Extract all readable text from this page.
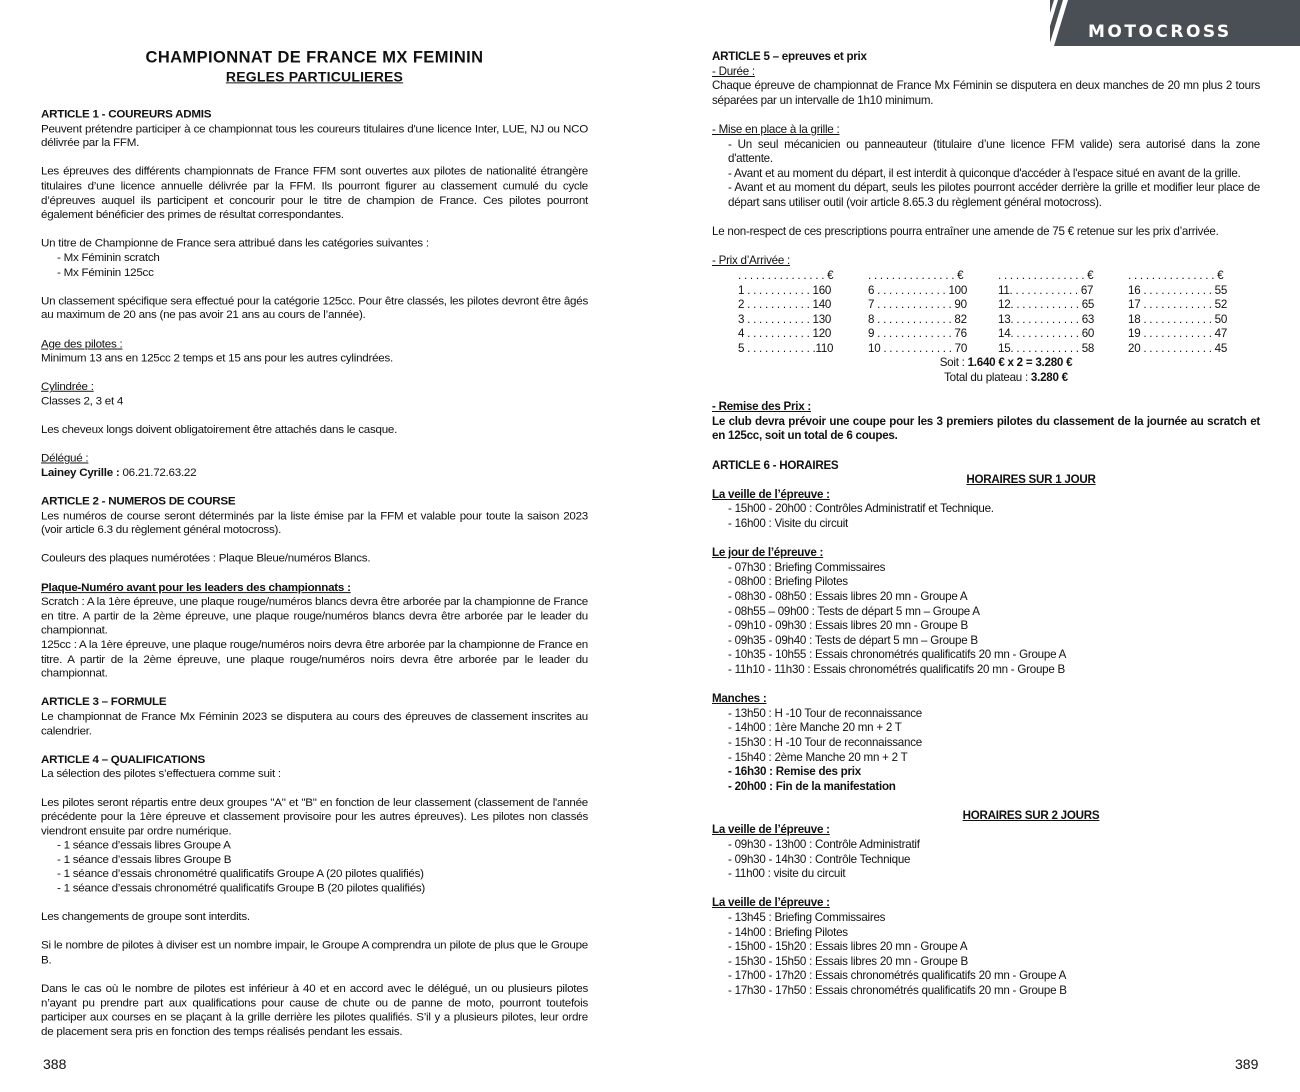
MOTOCROSS
CHAMPIONNAT DE FRANCE MX FEMININ
REGLES PARTICULIERES

ARTICLE 1 - COUREURS ADMIS

Peuvent prétendre participer à ce championnat tous les coureurs titulaires d'une licence Inter, LUE, NJ ou NCO délivrée par la FFM.

Les épreuves des différents championnats de France FFM sont ouvertes aux pilotes de nationalité étrangère titulaires d’une licence annuelle délivrée par la FFM. Ils pourront figurer au classement cumulé du cycle d’épreuves auquel ils participent et concourir pour le titre de champion de France. Ces pilotes pourront également bénéficier des primes de résultat correspondantes.

Un titre de Championne de France sera attribué dans les catégories suivantes :

- Mx Féminin scratch
- Mx Féminin 125cc

Un classement spécifique sera effectué pour la catégorie 125cc. Pour être classés, les pilotes devront être âgés au maximum de 20 ans (ne pas avoir 21 ans au cours de l’année).

Age des pilotes :

Minimum 13 ans en 125cc 2 temps et 15 ans pour les autres cylindrées.

Cylindrée :

Classes 2, 3 et 4

Les cheveux longs doivent obligatoirement être attachés dans le casque.

Délégué :

Lainey Cyrille : 06.21.72.63.22

ARTICLE 2 - NUMEROS DE COURSE

Les numéros de course seront déterminés par la liste émise par la FFM et valable pour toute la saison 2023 (voir article 6.3 du règlement général motocross).

Couleurs des plaques numérotées : Plaque Bleue/numéros Blancs.

Plaque-Numéro avant pour les leaders des championnats :

Scratch : A la 1ère épreuve, une plaque rouge/numéros blancs devra être arborée par la championne de France en titre. A partir de la 2ème épreuve, une plaque rouge/numéros blancs devra être arborée par le leader du championnat.

125cc : A la 1ère épreuve, une plaque rouge/numéros noirs devra être arborée par la championne de France en titre. A partir de la 2ème épreuve, une plaque rouge/numéros noirs devra être arborée par le leader du championnat.

ARTICLE 3 – FORMULE

Le championnat de France Mx Féminin 2023 se disputera au cours des épreuves de classement inscrites au calendrier.

ARTICLE 4 – QUALIFICATIONS

La sélection des pilotes s’effectuera comme suit :

Les pilotes seront répartis entre deux groupes "A" et "B" en fonction de leur classement (classement de l'année précédente pour la 1ère épreuve et classement provisoire pour les autres épreuves). Les pilotes non classés viendront ensuite par ordre numérique.

- 1 séance d’essais libres Groupe A
- 1 séance d’essais libres Groupe B
- 1 séance d’essais chronométré qualificatifs Groupe A (20 pilotes qualifiés)
- 1 séance d’essais chronométré qualificatifs Groupe B (20 pilotes qualifiés)

Les changements de groupe sont interdits.

Si le nombre de pilotes à diviser est un nombre impair, le Groupe A comprendra un pilote de plus que le Groupe B.

Dans le cas où le nombre de pilotes est inférieur à 40 et en accord avec le délégué, un ou plusieurs pilotes n’ayant pu prendre part aux qualifications pour cause de chute ou de panne de moto, pourront toutefois participer aux courses en se plaçant à la grille derrière les pilotes qualifiés. S’il y a plusieurs pilotes, leur ordre de placement sera pris en fonction des temps réalisés pendant les essais.

388

ARTICLE 5 – epreuves et prix

- Durée :

Chaque épreuve de championnat de France Mx Féminin se disputera en deux manches de 20 mn plus 2 tours séparées par un intervalle de 1h10 minimum.

- Mise en place à la grille :

- Un seul mécanicien ou panneauteur (titulaire d’une licence FFM valide) sera autorisé dans la zone d'attente.

- Avant et au moment du départ, il est interdit à quiconque d'accéder à l'espace situé en avant de la grille.

- Avant et au moment du départ, seuls les pilotes pourront accéder derrière la grille et modifier leur place de départ sans utiliser outil (voir article 8.65.3 du règlement général motocross).

Le non-respect de ces prescriptions pourra entraîner une amende de 75 € retenue sur les prix d’arrivée.

- Prix d’Arrivée :

. . . . . . . . . . . . . . . €
1 . . . . . . . . . . . 160
2 . . . . . . . . . . . 140
3 . . . . . . . . . . . 130
4 . . . . . . . . . . . 120
5 . . . . . . . . . . . .110
. . . . . . . . . . . . . . . €
6 . . . . . . . . . . . . 100
7 . . . . . . . . . . . . . 90
8 . . . . . . . . . . . . . 82
9 . . . . . . . . . . . . . 76
10 . . . . . . . . . . . . 70
. . . . . . . . . . . . . . . €
11. . . . . . . . . . . . 67
12. . . . . . . . . . . . 65
13. . . . . . . . . . . . 63
14. . . . . . . . . . . . 60
15. . . . . . . . . . . . 58
. . . . . . . . . . . . . . . €
16 . . . . . . . . . . . . 55
17 . . . . . . . . . . . . 52
18 . . . . . . . . . . . . 50
19 . . . . . . . . . . . . 47
20 . . . . . . . . . . . . 45
Soit : 1.640 € x 2 = 3.280 €
Total du plateau : 3.280 €

- Remise des Prix :

Le club devra prévoir une coupe pour les 3 premiers pilotes du classement de la journée au scratch et en 125cc, soit un total de 6 coupes.

ARTICLE 6 - HORAIRES

HORAIRES SUR 1 JOUR

La veille de l’épreuve :

- 15h00 - 20h00 : Contrôles Administratif et Technique.
- 16h00 : Visite du circuit

Le jour de l’épreuve :

- 07h30 : Briefing Commissaires
- 08h00 : Briefing Pilotes
- 08h30 - 08h50 : Essais libres 20 mn - Groupe A
- 08h55 – 09h00 : Tests de départ 5 mn – Groupe A
- 09h10 - 09h30 : Essais libres 20 mn - Groupe B
- 09h35 - 09h40 : Tests de départ 5 mn – Groupe B
- 10h35 - 10h55 : Essais chronométrés qualificatifs 20 mn - Groupe A
- 11h10 - 11h30 : Essais chronométrés qualificatifs 20 mn - Groupe B

Manches :

- 13h50 : H -10 Tour de reconnaissance
- 14h00 : 1ère Manche 20 mn + 2 T
- 15h30 : H -10 Tour de reconnaissance
- 15h40 : 2ème Manche 20 mn + 2 T
- 16h30 : Remise des prix
- 20h00 : Fin de la manifestation

HORAIRES SUR 2 JOURS

La veille de l’épreuve :

- 09h30 - 13h00 : Contrôle Administratif
- 09h30 - 14h30 : Contrôle Technique
- 11h00 : visite du circuit

La veille de l’épreuve :

- 13h45 : Briefing Commissaires
- 14h00 : Briefing Pilotes
- 15h00 - 15h20 : Essais libres 20 mn - Groupe A
- 15h30 - 15h50 : Essais libres 20 mn - Groupe B
- 17h00 - 17h20 : Essais chronométrés qualificatifs 20 mn - Groupe A
- 17h30 - 17h50 : Essais chronométrés qualificatifs 20 mn - Groupe B
389
